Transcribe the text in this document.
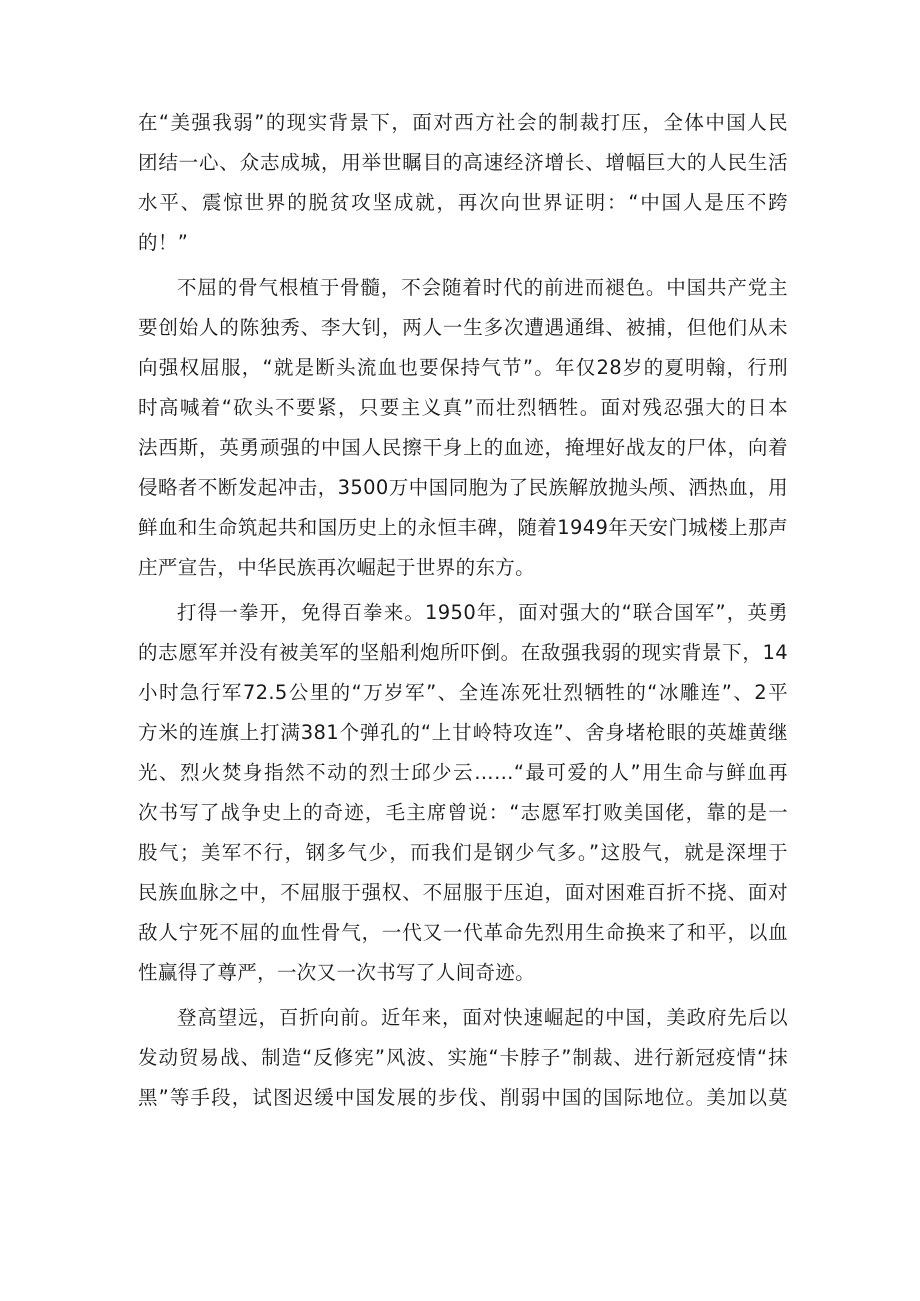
在“美强我弱”的现实背景下，面对西方社会的制裁打压，全体中国人民
团结一心、众志成城，用举世瞩目的高速经济增长、增幅巨大的人民生活
水平、震惊世界的脱贫攻坚成就，再次向世界证明：“中国人是压不跨
的！”
不屈的骨气根植于骨髓，不会随着时代的前进而褪色。中国共产党主
要创始人的陈独秀、李大钊，两人一生多次遭遇通缉、被捕，但他们从未
向强权屈服，“就是断头流血也要保持气节”。年仅28岁的夏明翰，行刑
时高喊着“砍头不要紧，只要主义真”而壮烈牺牲。面对残忍强大的日本
法西斯，英勇顽强的中国人民擦干身上的血迹，掩埋好战友的尸体，向着
侵略者不断发起冲击，3500万中国同胞为了民族解放抛头颅、洒热血，用
鲜血和生命筑起共和国历史上的永恒丰碑，随着1949年天安门城楼上那声
庄严宣告，中华民族再次崛起于世界的东方。
打得一拳开，免得百拳来。1950年，面对强大的“联合国军”，英勇
的志愿军并没有被美军的坚船利炮所吓倒。在敌强我弱的现实背景下，14
小时急行军72.5公里的“万岁军”、全连冻死壮烈牺牲的“冰雕连”、2平
方米的连旗上打满381个弹孔的“上甘岭特攻连”、舍身堵枪眼的英雄黄继
光、烈火焚身指然不动的烈士邱少云……“最可爱的人”用生命与鲜血再
次书写了战争史上的奇迹，毛主席曾说：“志愿军打败美国佬，靠的是一
股气；美军不行，钢多气少，而我们是钢少气多。”这股气，就是深埋于
民族血脉之中，不屈服于强权、不屈服于压迫，面对困难百折不挠、面对
敌人宁死不屈的血性骨气，一代又一代革命先烈用生命换来了和平，以血
性赢得了尊严，一次又一次书写了人间奇迹。
登高望远，百折向前。近年来，面对快速崛起的中国，美政府先后以
发动贸易战、制造“反修宪”风波、实施“卡脖子”制裁、进行新冠疫情“抹
黑”等手段，试图迟缓中国发展的步伐、削弱中国的国际地位。美加以莫
